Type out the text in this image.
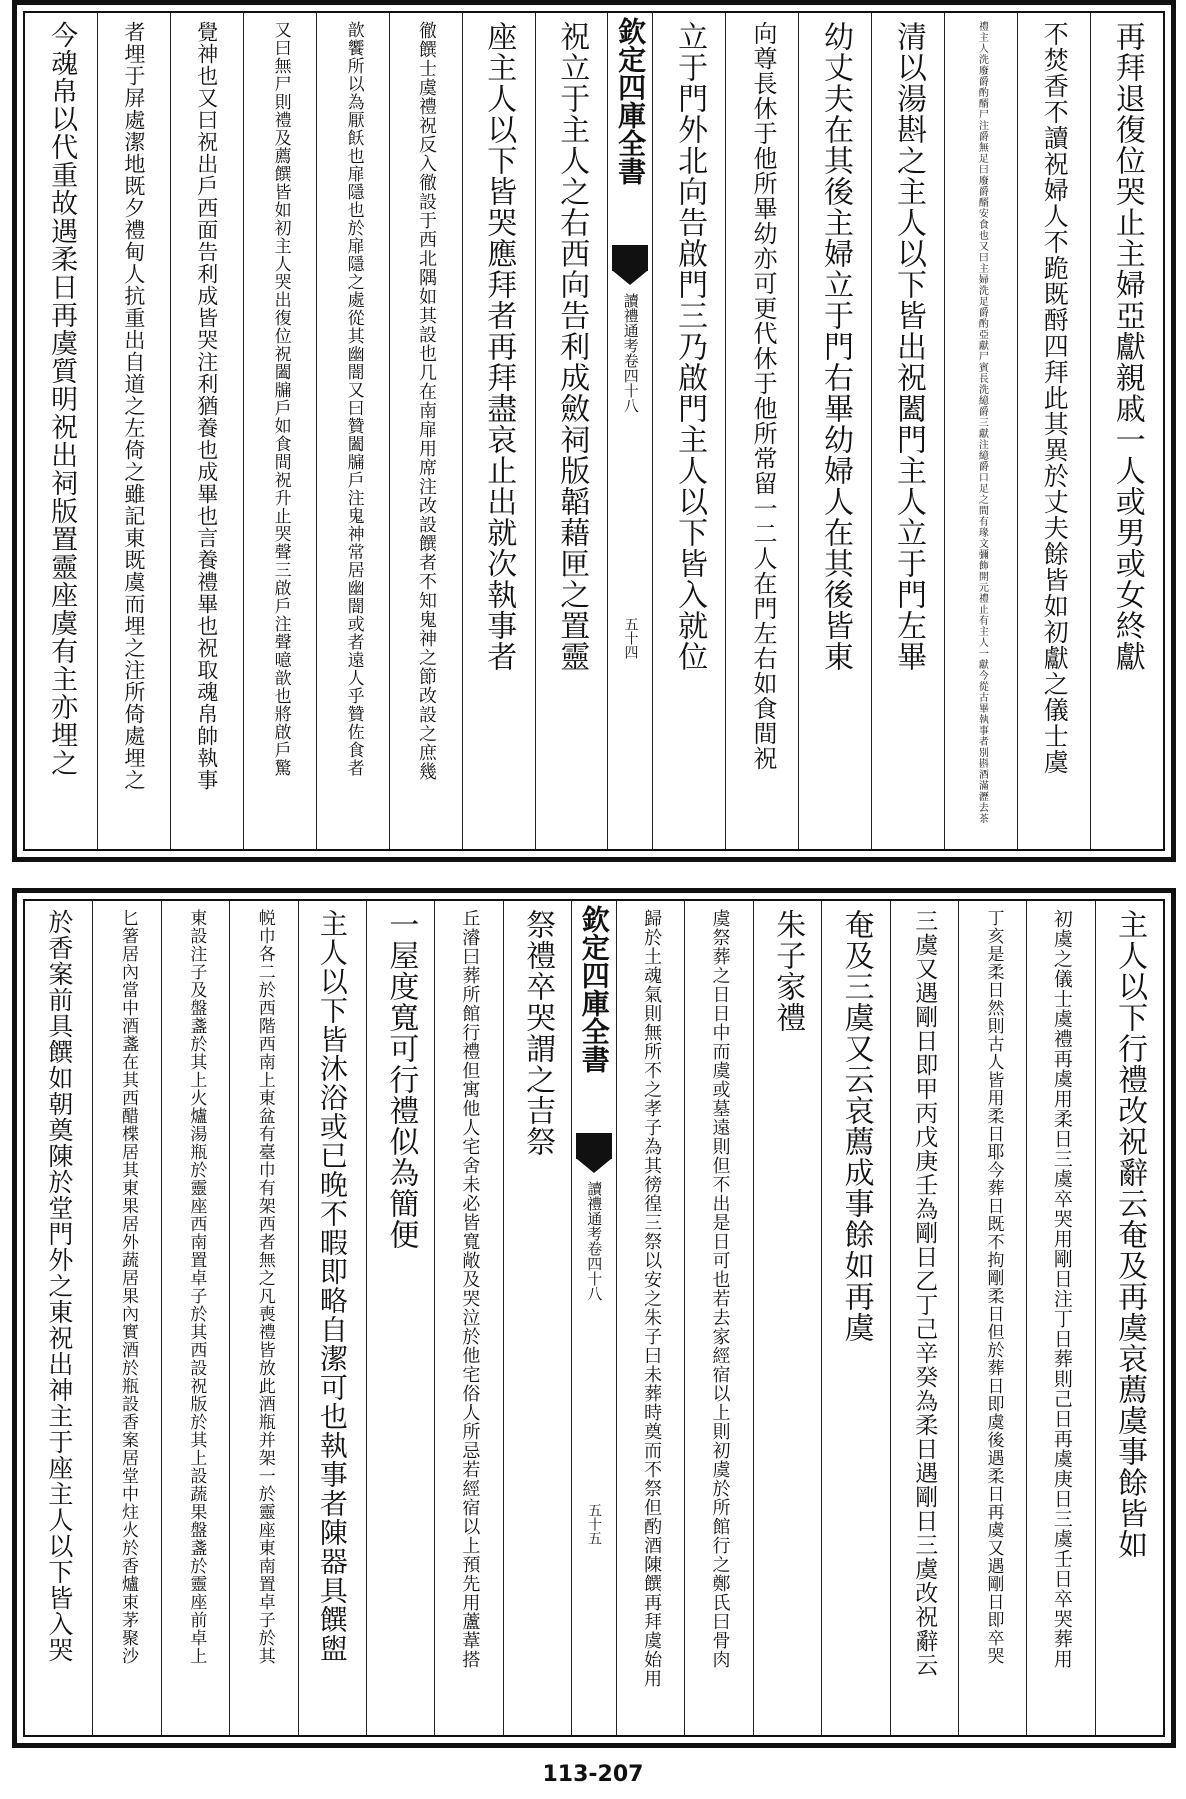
再拜退復位哭止主婦亞獻親戚一人或男或女終獻
不焚香不讀祝婦人不跪既酹四拜此其異於丈夫餘皆如初獻之儀士虞
禮主人洗廢爵酌醑尸注爵無足曰廢爵醑安食也又曰主婦洗足爵酌亞獻尸賓長洗繶爵三獻注繶爵口足之間有瑑文彌飾開元禮止有主人一獻今從古畢執事者別斟酒滿瀝去茶
清以湯斟之主人以下皆出祝闔門主人立于門左畢
幼丈夫在其後主婦立于門右畢幼婦人在其後皆東
向尊長休于他所畢幼亦可更代休于他所常留一二人在門左右如食間祝
立于門外北向告啟門三乃啟門主人以下皆入就位
欽定四庫全書
讀禮通考卷四十八
五十四
祝立于主人之右西向告利成斂祠版韜藉匣之置靈
座主人以下皆哭應拜者再拜盡哀止出就次執事者
徹饌士虞禮祝反入徹設于西北隅如其設也几在南扉用席注改設饌者不知鬼神之節改設之庶幾
歆饗所以為厭飫也扉隱也於扉隱之處從其幽闇又曰贊闔牖戶注鬼神常居幽闇或者遠人乎贊佐食者
又曰無尸則禮及薦饌皆如初主人哭出復位祝闔牖戶如食間祝升止哭聲三啟戶注聲噫歆也將啟戶驚
覺神也又曰祝出戶西面告利成皆哭注利猶養也成畢也言養禮畢也祝取魂帛帥執事
者埋于屏處潔地既夕禮甸人抗重出自道之左倚之雖記東既虞而埋之注所倚處埋之
今魂帛以代重故遇柔日再虞質明祝出祠版置靈座虞有主亦埋之
主人以下行禮改祝辭云奄及再虞哀薦虞事餘皆如
初虞之儀士虞禮再虞用柔日三虞卒哭用剛日注丁日葬則己日再虞庚日三虞壬日卒哭葬用
丁亥是柔日然則古人皆用柔日耶今葬日既不拘剛柔日但於葬日即虞後遇柔日再虞又遇剛日即卒哭
三虞又遇剛日即甲丙戊庚壬為剛日乙丁己辛癸為柔日遇剛日三虞改祝辭云
奄及三虞又云哀薦成事餘如再虞
朱子家禮
虞祭葬之日日中而虞或墓遠則但不出是日可也若去家經宿以上則初虞於所館行之鄭氏曰骨肉
歸於土魂氣則無所不之孝子為其徬徨三祭以安之朱子曰未葬時奠而不祭但酌酒陳饌再拜虞始用
欽定四庫全書
讀禮通考卷四十八
五十五
祭禮卒哭謂之吉祭
丘濬曰葬所館行禮但寓他人宅舍未必皆寬敞及哭泣於他宅俗人所忌若經宿以上預先用蘆葦搭
一屋度寬可行禮似為簡便
主人以下皆沐浴或已晚不暇即略自潔可也執事者陳器具饌盥
帨巾各二於西階西南上東盆有臺巾有架西者無之凡喪禮皆放此酒瓶并架一於靈座東南置卓子於其
東設注子及盤盞於其上火爐湯瓶於靈座西南置卓子於其西設祝版於其上設蔬果盤盞於靈座前卓上
匕箸居內當中酒盞在其西醋楪居其東果居外蔬居果內實酒於瓶設香案居堂中炷火於香爐束茅聚沙
於香案前具饌如朝奠陳於堂門外之東祝出神主于座主人以下皆入哭
113-207
